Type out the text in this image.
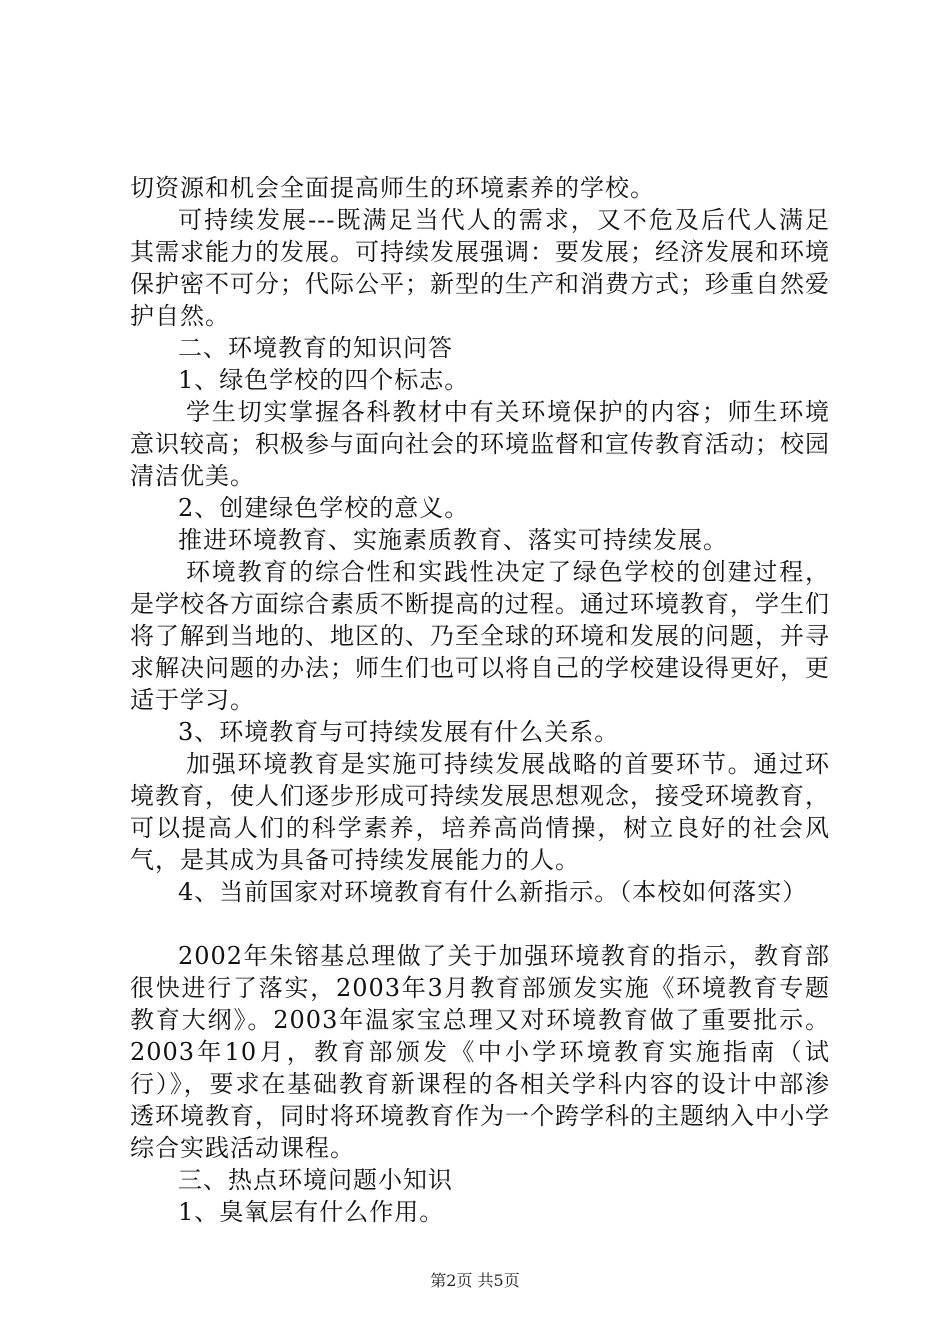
切资源和机会全面提高师生的环境素养的学校。

可持续发展---既满足当代人的需求，又不危及后代人满足其需求能力的发展。可持续发展强调：要发展；经济发展和环境保护密不可分；代际公平；新型的生产和消费方式；珍重自然爱护自然。

二、环境教育的知识问答

1、绿色学校的四个标志。

学生切实掌握各科教材中有关环境保护的内容；师生环境意识较高；积极参与面向社会的环境监督和宣传教育活动；校园清洁优美。

2、创建绿色学校的意义。

推进环境教育、实施素质教育、落实可持续发展。

环境教育的综合性和实践性决定了绿色学校的创建过程，是学校各方面综合素质不断提高的过程。通过环境教育，学生们将了解到当地的、地区的、乃至全球的环境和发展的问题，并寻求解决问题的办法；师生们也可以将自己的学校建设得更好，更适于学习。

3、环境教育与可持续发展有什么关系。

加强环境教育是实施可持续发展战略的首要环节。通过环境教育，使人们逐步形成可持续发展思想观念，接受环境教育，可以提高人们的科学素养，培养高尚情操，树立良好的社会风气，是其成为具备可持续发展能力的人。

4、当前国家对环境教育有什么新指示。（本校如何落实）

2002年朱镕基总理做了关于加强环境教育的指示，教育部很快进行了落实，2003年3月教育部颁发实施《环境教育专题教育大纲》。2003年温家宝总理又对环境教育做了重要批示。2003年10月，教育部颁发《中小学环境教育实施指南（试行）》，要求在基础教育新课程的各相关学科内容的设计中部渗透环境教育，同时将环境教育作为一个跨学科的主题纳入中小学综合实践活动课程。

三、热点环境问题小知识

1、臭氧层有什么作用。

第2页 共5页
